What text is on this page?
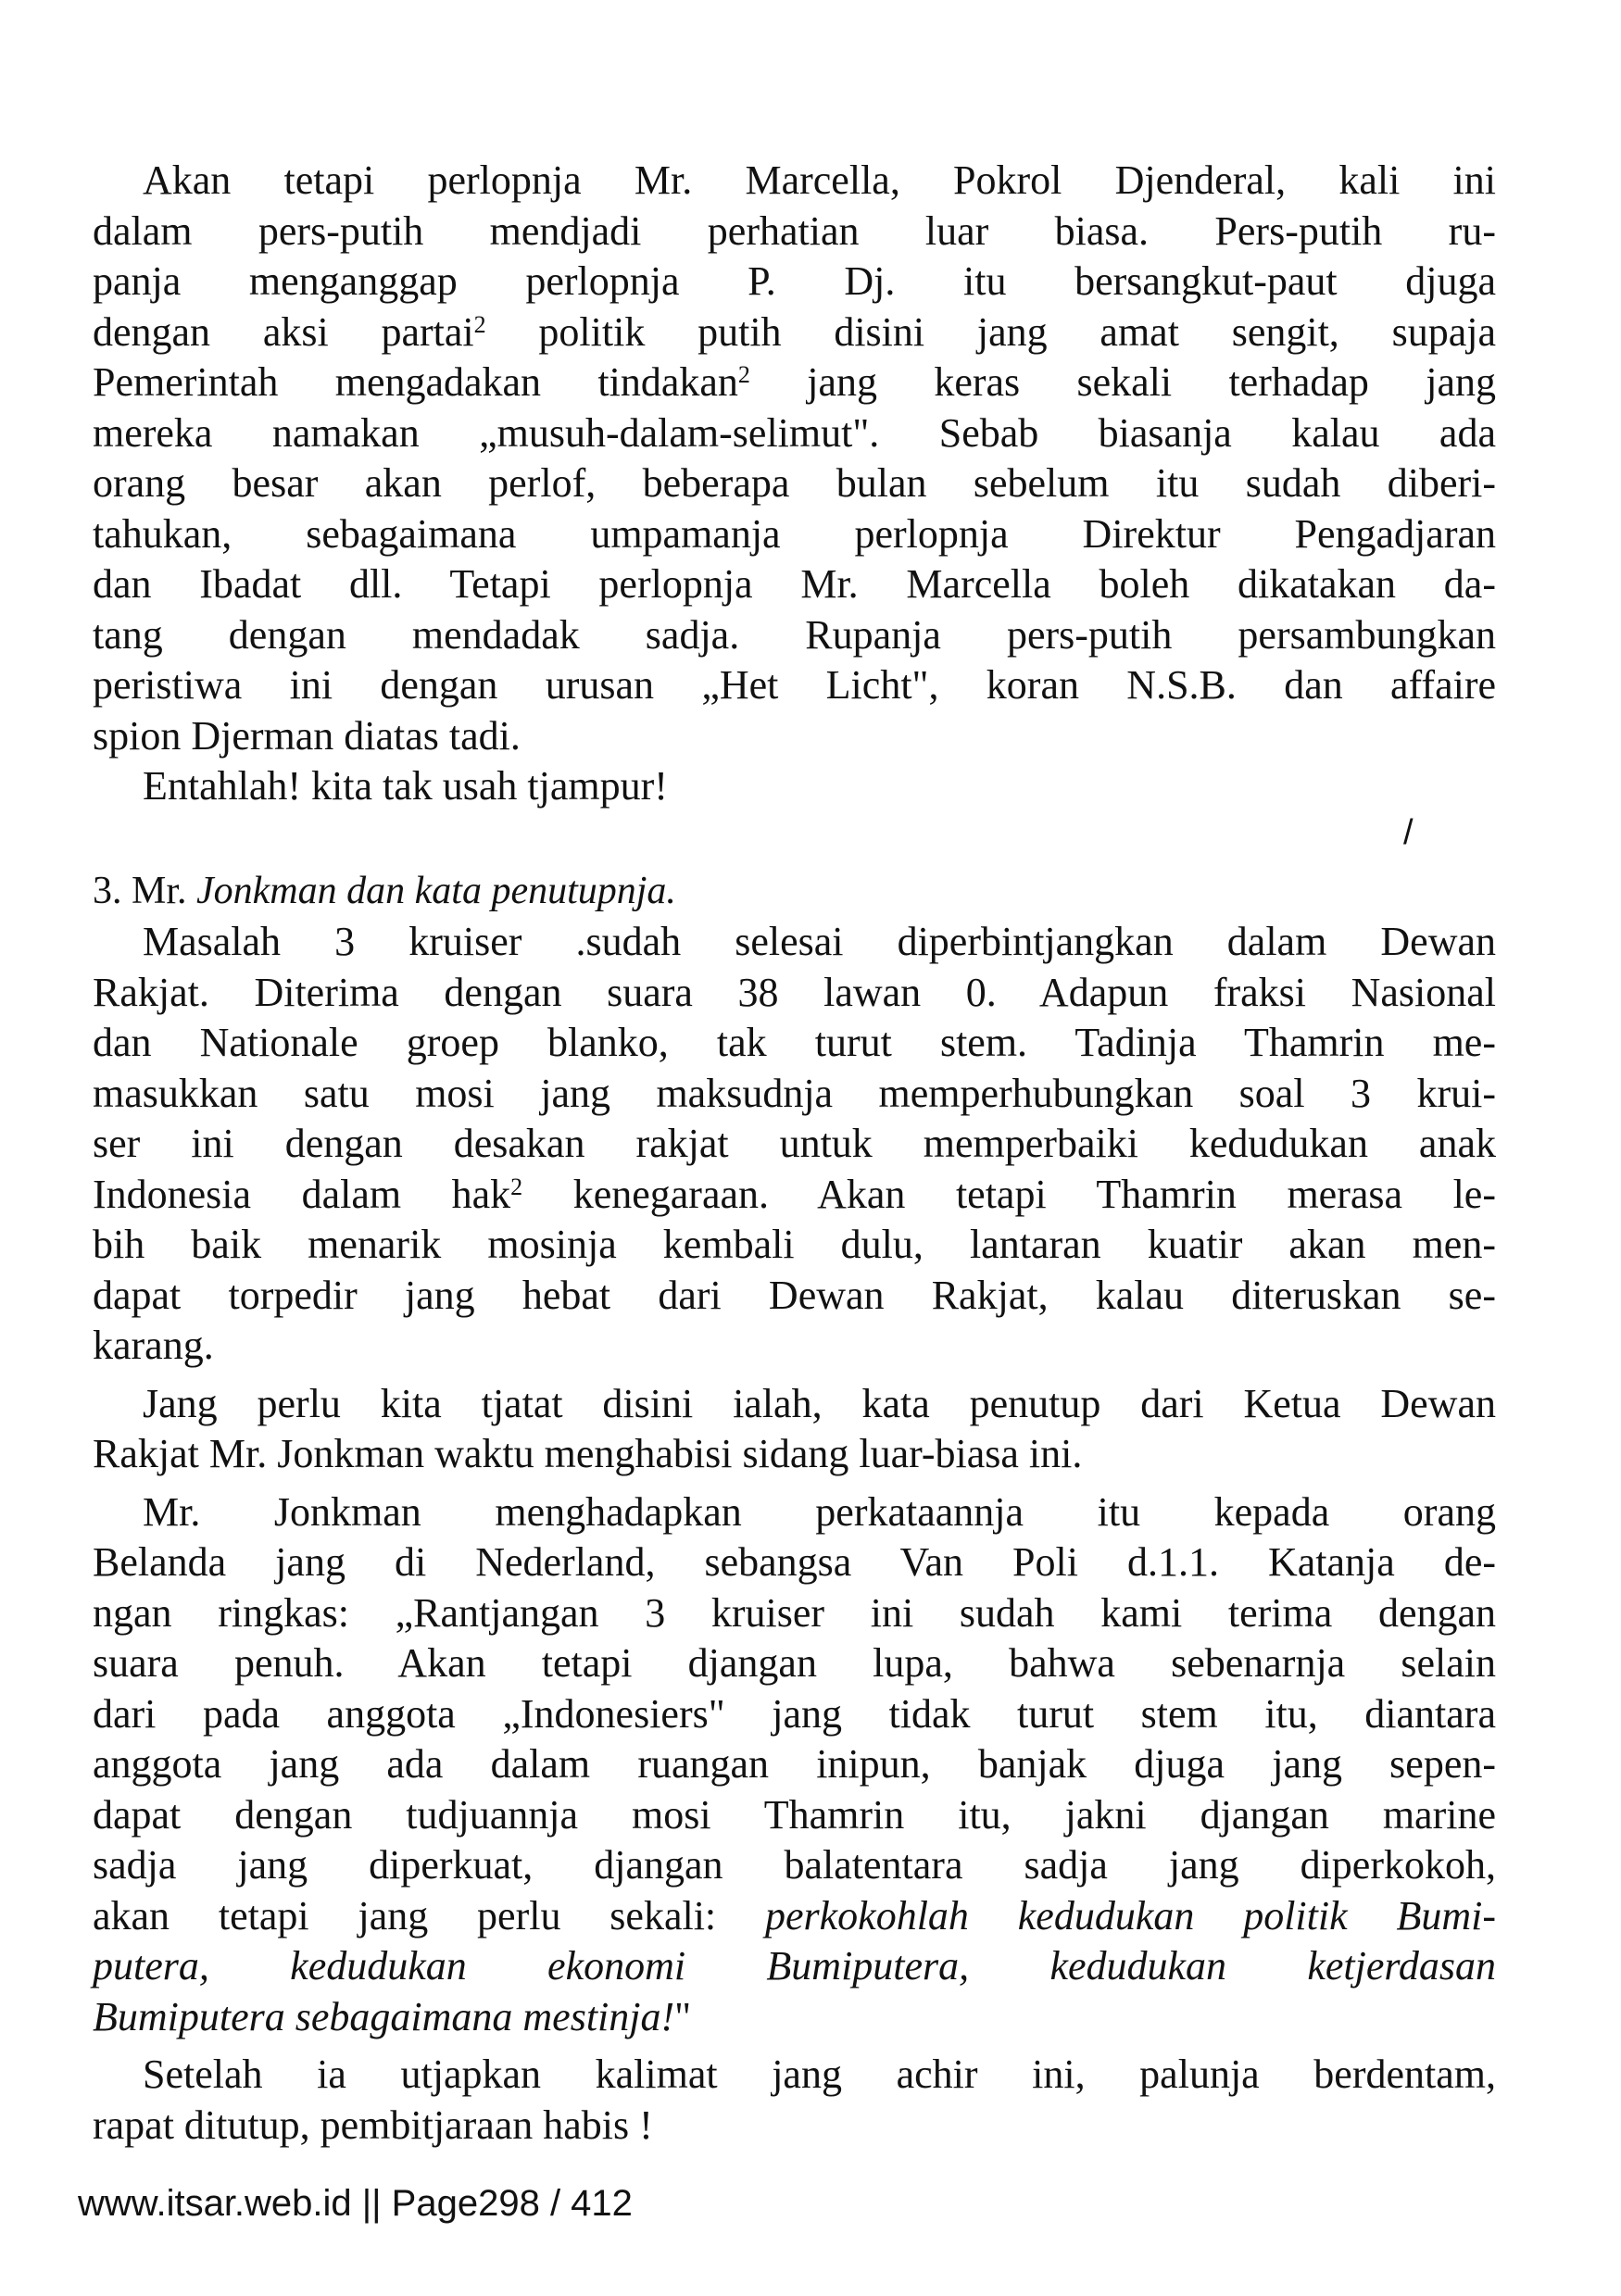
Akan tetapi perlopnja Mr. Marcella, Pokrol Djenderal, kali ini
dalam pers-putih mendjadi perhatian luar biasa. Pers-putih ru-
panja menganggap perlopnja P. Dj. itu bersangkut-paut djuga
dengan aksi partai$^2$ politik putih disini jang amat sengit, supaja
Pemerintah mengadakan tindakan$^2$ jang keras sekali terhadap jang
mereka namakan „musuh-dalam-selimut". Sebab biasanja kalau ada
orang besar akan perlof, beberapa bulan sebelum itu sudah diberi-
tahukan, sebagaimana umpamanja perlopnja Direktur Pengadjaran
dan Ibadat dll. Tetapi perlopnja Mr. Marcella boleh dikatakan da-
tang dengan mendadak sadja. Rupanja pers-putih persambungkan
peristiwa ini dengan urusan „Het Licht", koran N.S.B. dan affaire
spion Djerman diatas tadi.

Entahlah! kita tak usah tjampur!

/
3. Mr. Jonkman dan kata penutupnja.

Masalah 3 kruiser .sudah selesai diperbintjangkan dalam Dewan
Rakjat. Diterima dengan suara 38 lawan 0. Adapun fraksi Nasional
dan Nationale groep blanko, tak turut stem. Tadinja Thamrin me-
masukkan satu mosi jang maksudnja memperhubungkan soal 3 krui-
ser ini dengan desakan rakjat untuk memperbaiki kedudukan anak
Indonesia dalam hak$^2$ kenegaraan. Akan tetapi Thamrin merasa le-
bih baik menarik mosinja kembali dulu, lantaran kuatir akan men-
dapat torpedir jang hebat dari Dewan Rakjat, kalau diteruskan se-
karang.

Jang perlu kita tjatat disini ialah, kata penutup dari Ketua Dewan
Rakjat Mr. Jonkman waktu menghabisi sidang luar-biasa ini.

Mr. Jonkman menghadapkan perkataannja itu kepada orang
Belanda jang di Nederland, sebangsa Van Poli d.1.1. Katanja de-
ngan ringkas: „Rantjangan 3 kruiser ini sudah kami terima dengan
suara penuh. Akan tetapi djangan lupa, bahwa sebenarnja selain
dari pada anggota „Indonesiers" jang tidak turut stem itu, diantara
anggota jang ada dalam ruangan inipun, banjak djuga jang sepen-
dapat dengan tudjuannja mosi Thamrin itu, jakni djangan marine
sadja jang diperkuat, djangan balatentara sadja jang diperkokoh,
akan tetapi jang perlu sekali: perkokohlah kedudukan politik Bumi-
putera, kedudukan ekonomi Bumiputera, kedudukan ketjerdasan
Bumiputera sebagaimana mestinja!"

Setelah ia utjapkan kalimat jang achir ini, palunja berdentam,
rapat ditutup, pembitjaraan habis !

www.itsar.web.id || Page298 / 412
